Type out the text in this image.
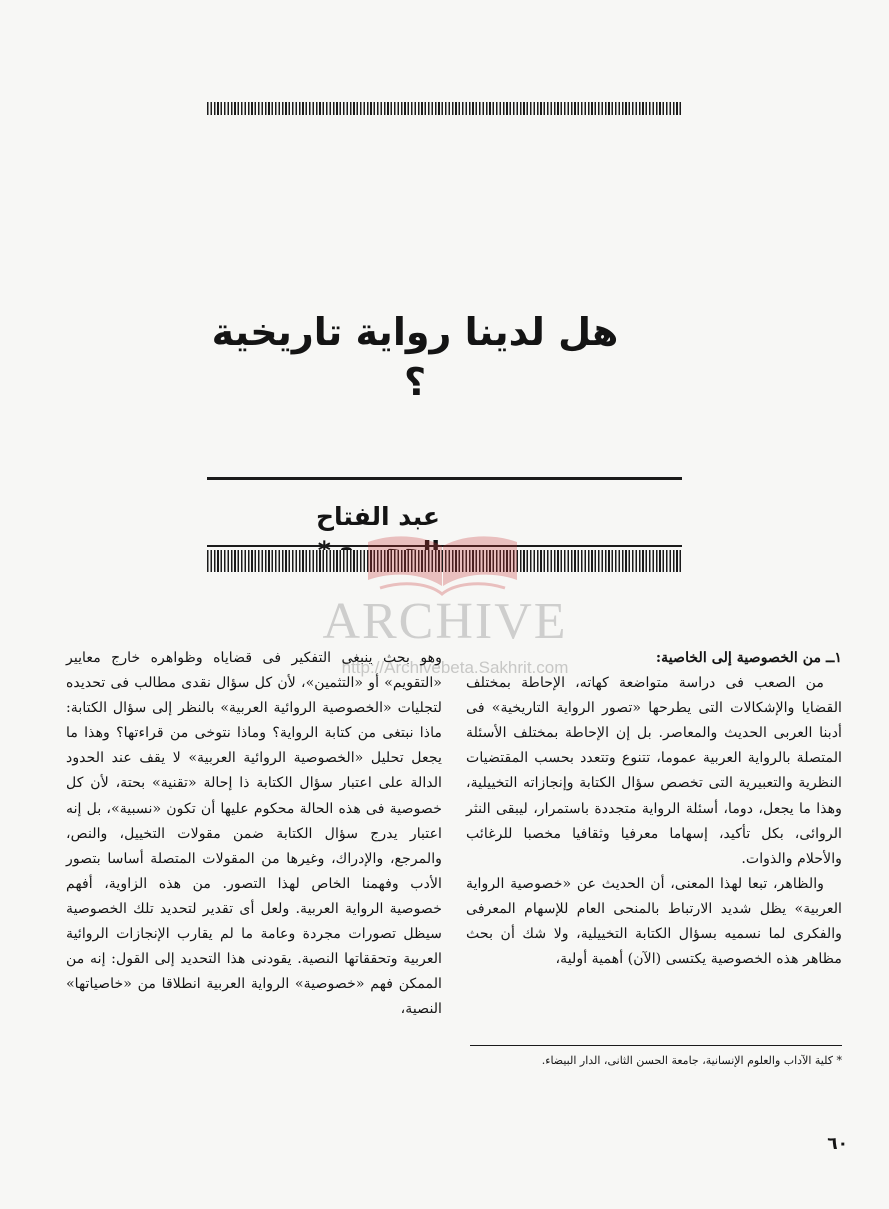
هل لدينا رواية تاريخية ؟
عبد الفتاح
ARCHIVE
http://Archivebeta.Sakhrit.com	١ــ من الخصوصية إلى الخاصية:

من الصعب فى دراسة متواضعة كهاته، الإحاطة بمختلف القضايا والإشكالات التى يطرحها «تصور الرواية التاريخية» فى أدبنا العربى الحديث والمعاصر. بل إن الإحاطة بمختلف الأسئلة المتصلة بالرواية العربية عموما، تتنوع وتتعدد بحسب المقتضيات النظرية والتعبيرية التى تخصص سؤال الكتابة وإنجازاته التخييلية، وهذا ما يجعل، دوما، أسئلة الرواية متجددة باستمرار، ليبقى النثر الروائى، بكل تأكيد، إسهاما معرفيا وثقافيا مخصبا للرغائب والأحلام والذوات.

والظاهر، تبعا لهذا المعنى، أن الحديث عن «خصوصية الرواية العربية» يظل شديد الارتباط بالمنحى العام للإسهام المعرفى والفكرى لما نسميه بسؤال الكتابة التخييلية، ولا شك أن بحث مظاهر هذه الخصوصية يكتسى (الآن) أهمية أولية،

وهو بحث ينبغى التفكير فى قضاياه وظواهره خارج معايير «التقويم» أو «التثمين»، لأن كل سؤال نقدى مطالب فى تحديده لتجليات «الخصوصية الروائية العربية» بالنظر إلى سؤال الكتابة: ماذا نبتغى من كتابة الرواية؟ وماذا نتوخى من قراءتها؟ وهذا ما يجعل تحليل «الخصوصية الروائية العربية» لا يقف عند الحدود الدالة على اعتبار سؤال الكتابة ذا إحالة «تقنية» بحتة، لأن كل خصوصية فى هذه الحالة محكوم عليها أن تكون «نسبية»، بل إنه اعتبار يدرج سؤال الكتابة ضمن مقولات التخييل، والنص، والمرجع، والإدراك، وغيرها من المقولات المتصلة أساسا بتصور الأدب وفهمنا الخاص لهذا التصور. من هذه الزاوية، أفهم خصوصية الرواية العربية. ولعل أى تقدير لتحديد تلك الخصوصية سيظل تصورات مجردة وعامة ما لم يقارب الإنجازات الروائية العربية وتحققاتها النصية. يقودنى هذا التحديد إلى القول: إنه من الممكن فهم «خصوصية» الرواية العربية انطلاقا من «خاصياتها» النصية،

* كلية الآداب والعلوم الإنسانية، جامعة الحسن الثانى، الدار البيضاء.
٦٠
